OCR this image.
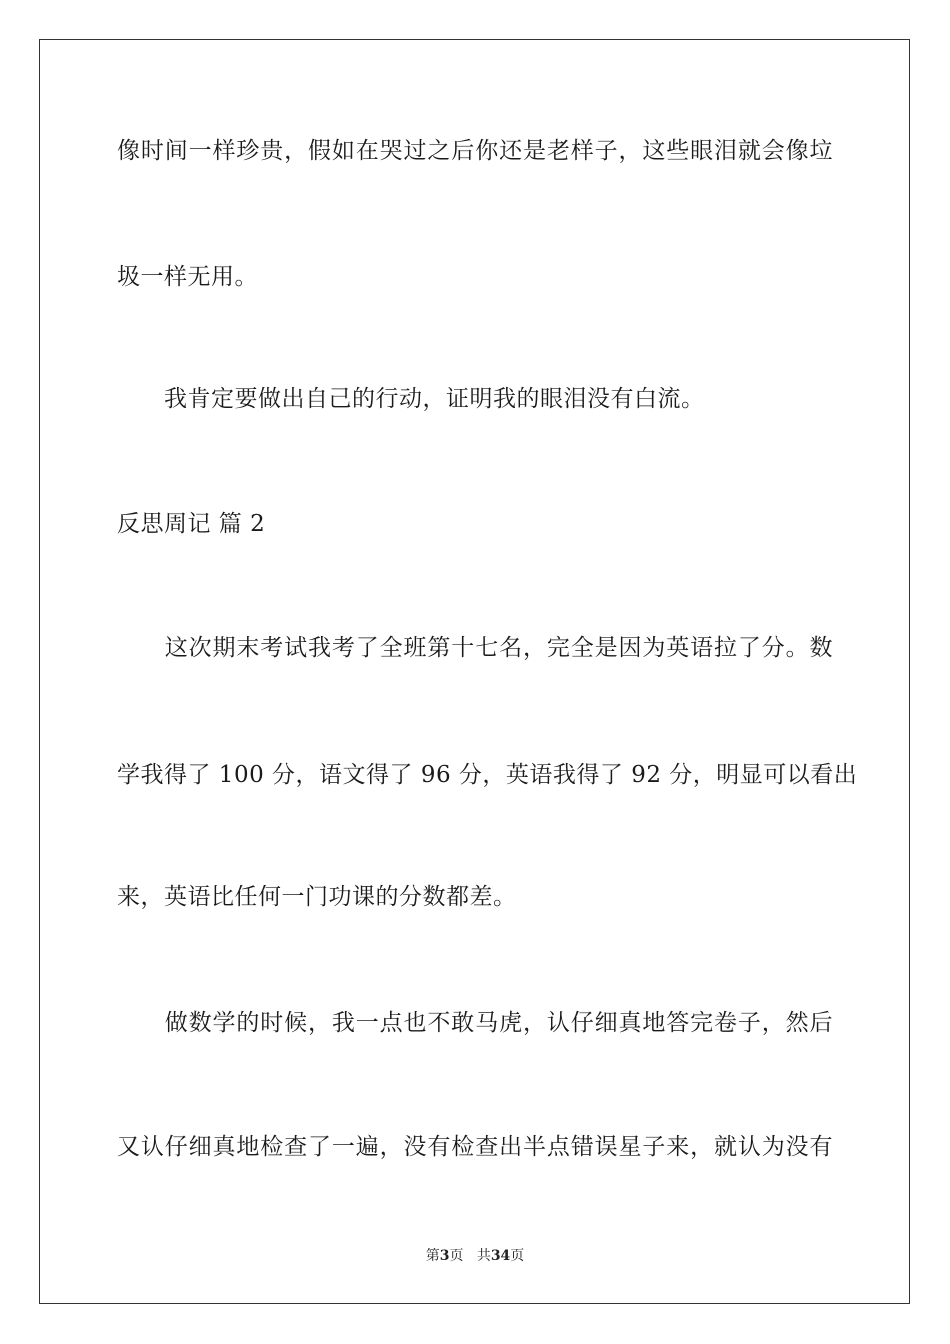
像时间一样珍贵，假如在哭过之后你还是老样子，这些眼泪就会像垃
圾一样无用。
　　我肯定要做出自己的行动，证明我的眼泪没有白流。
反思周记 篇 2
　　这次期末考试我考了全班第十七名，完全是因为英语拉了分。数
学我得了 100 分，语文得了 96 分，英语我得了 92 分，明显可以看出
来，英语比任何一门功课的分数都差。
　　做数学的时候，我一点也不敢马虎，认仔细真地答完卷子，然后
又认仔细真地检查了一遍，没有检查出半点错误星子来，就认为没有
第3页 共34页
